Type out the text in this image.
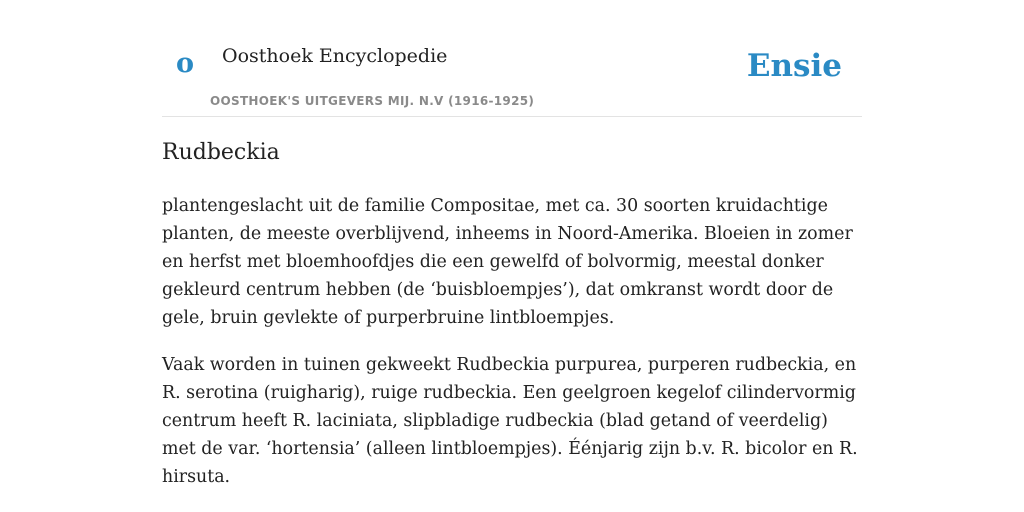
o Oosthoek Encyclopedie
OOSTHOEK'S UITGEVERS MIJ. N.V (1916-1925)
Ensie
Rudbeckia

plantengeslacht uit de familie Compositae, met ca. 30 soorten kruidachtige planten, de meeste overblijvend, inheems in Noord-Amerika. Bloeien in zomer en herfst met bloemhoofdjes die een gewelfd of bolvormig, meestal donker gekleurd centrum hebben (de ‘buisbloempjes’), dat omkranst wordt door de gele, bruin gevlekte of purperbruine lintbloempjes.

Vaak worden in tuinen gekweekt Rudbeckia purpurea, purperen rudbeckia, en R. serotina (ruigharig), ruige rudbeckia. Een geelgroen kegelof cilindervormig centrum heeft R. laciniata, slipbladige rudbeckia (blad getand of veerdelig) met de var. ‘hortensia’ (alleen lintbloempjes). Éénjarig zijn b.v. R. bicolor en R. hirsuta.
